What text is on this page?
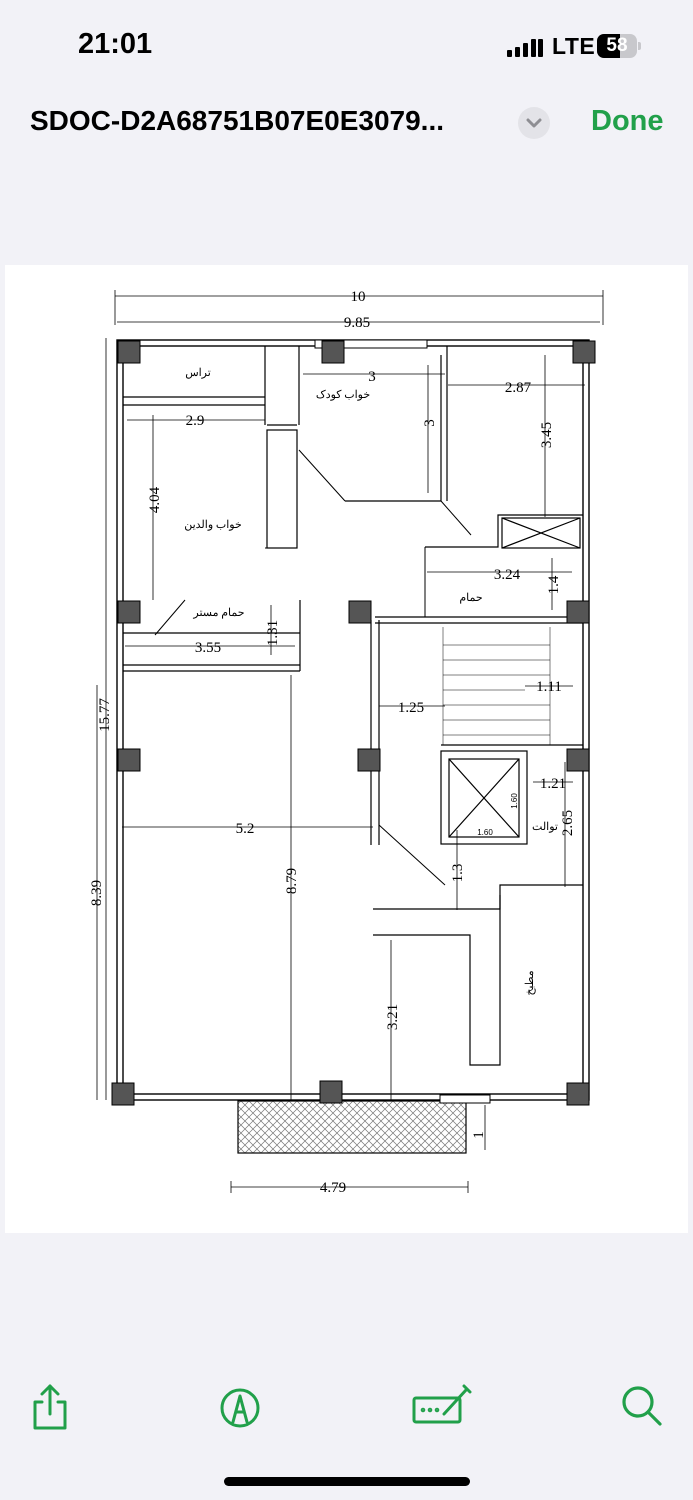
21:01	LTE 58
SDOC-D2A68751B07E0E3079...	Done
10
9.85
2.9
3
2.87
3	3.45
4.04
3.24
1.4
1.31
3.55
1.11
1.25
15.77
1.21
2.65
5.2
8.79
8.39
1.3
3.21
1
4.79
1.60
1.60
تراس
خواب کودک
خواب والدین
حمام مستر
حمام
توالت
مطبخ
